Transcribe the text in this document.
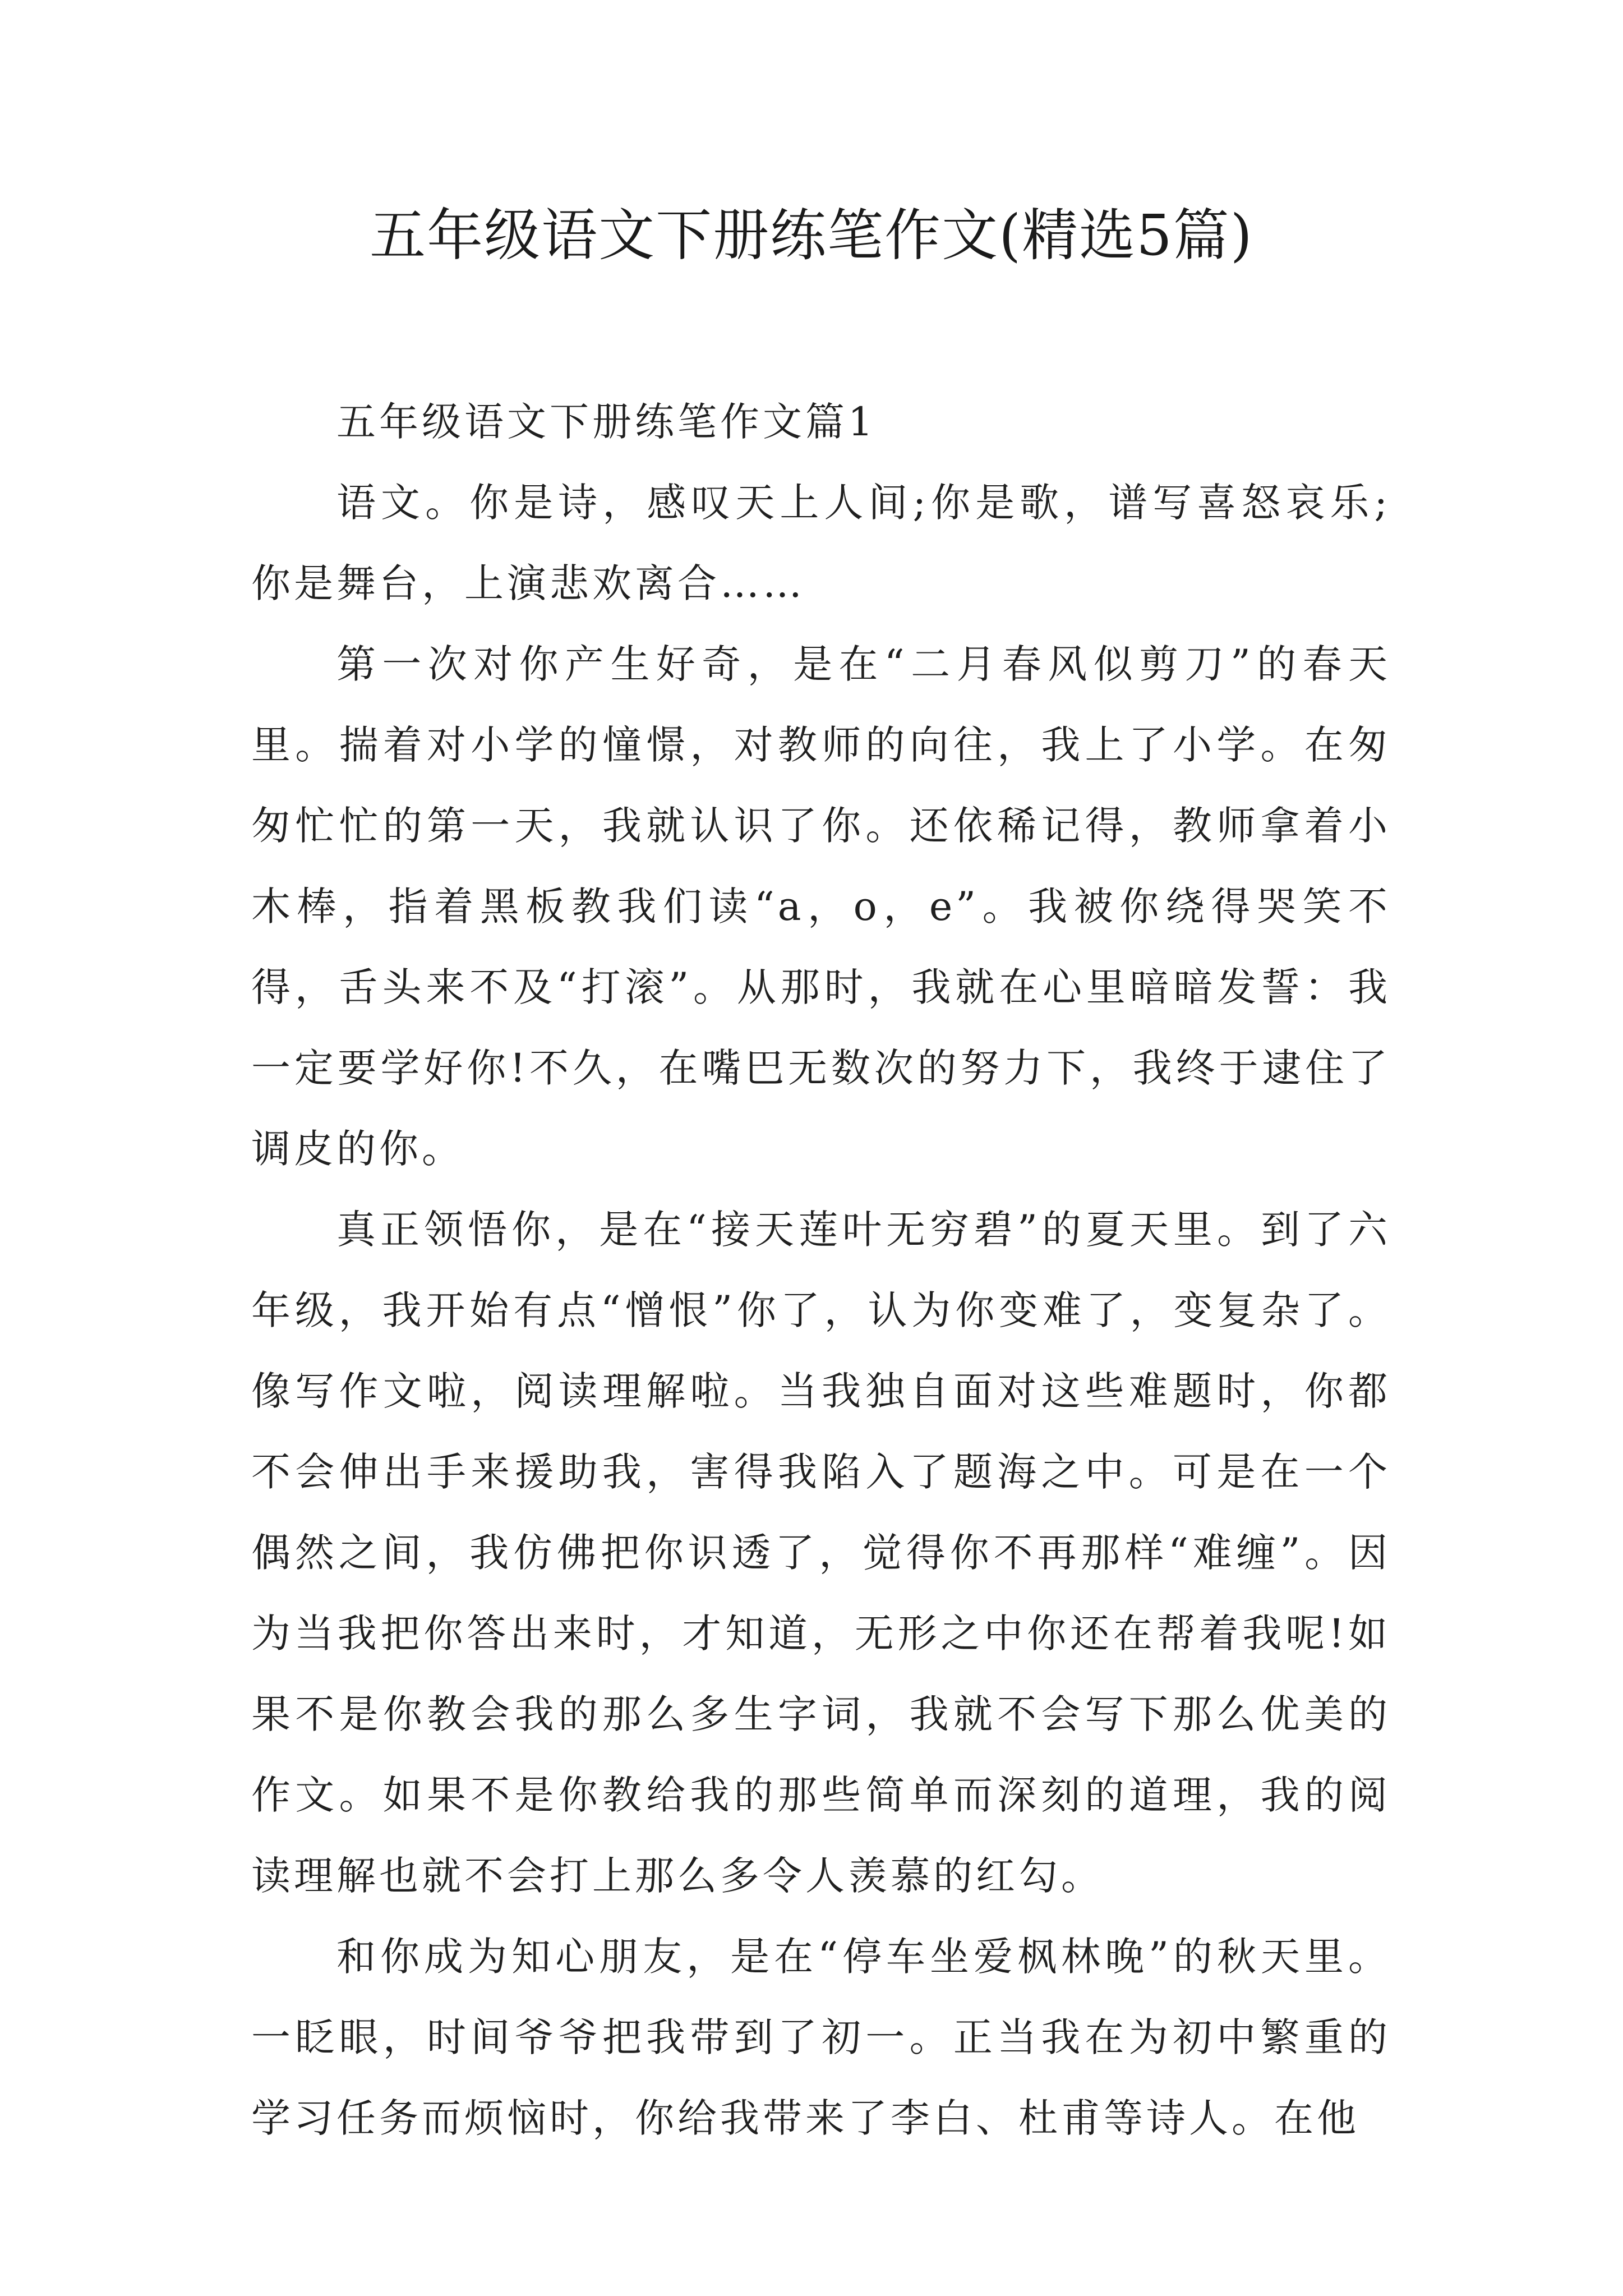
五年级语文下册练笔作文(精选5篇)

五年级语文下册练笔作文篇1

语文。你是诗，感叹天上人间;你是歌，谱写喜怒哀乐;你是舞台，上演悲欢离合……

第一次对你产生好奇，是在“二月春风似剪刀”的春天里。揣着对小学的憧憬，对教师的向往，我上了小学。在匆匆忙忙的第一天，我就认识了你。还依稀记得，教师拿着小木棒，指着黑板教我们读“a，o，e”。我被你绕得哭笑不得，舌头来不及“打滚”。从那时，我就在心里暗暗发誓：我一定要学好你!不久，在嘴巴无数次的努力下，我终于逮住了调皮的你。

真正领悟你，是在“接天莲叶无穷碧”的夏天里。到了六年级，我开始有点“憎恨”你了，认为你变难了，变复杂了。像写作文啦，阅读理解啦。当我独自面对这些难题时，你都不会伸出手来援助我，害得我陷入了题海之中。可是在一个偶然之间，我仿佛把你识透了，觉得你不再那样“难缠”。因为当我把你答出来时，才知道，无形之中你还在帮着我呢!如果不是你教会我的那么多生字词，我就不会写下那么优美的作文。如果不是你教给我的那些简单而深刻的道理，我的阅读理解也就不会打上那么多令人羡慕的红勾。

和你成为知心朋友，是在“停车坐爱枫林晚”的秋天里。一眨眼，时间爷爷把我带到了初一。正当我在为初中繁重的学习任务而烦恼时，你给我带来了李白、杜甫等诗人。在他
